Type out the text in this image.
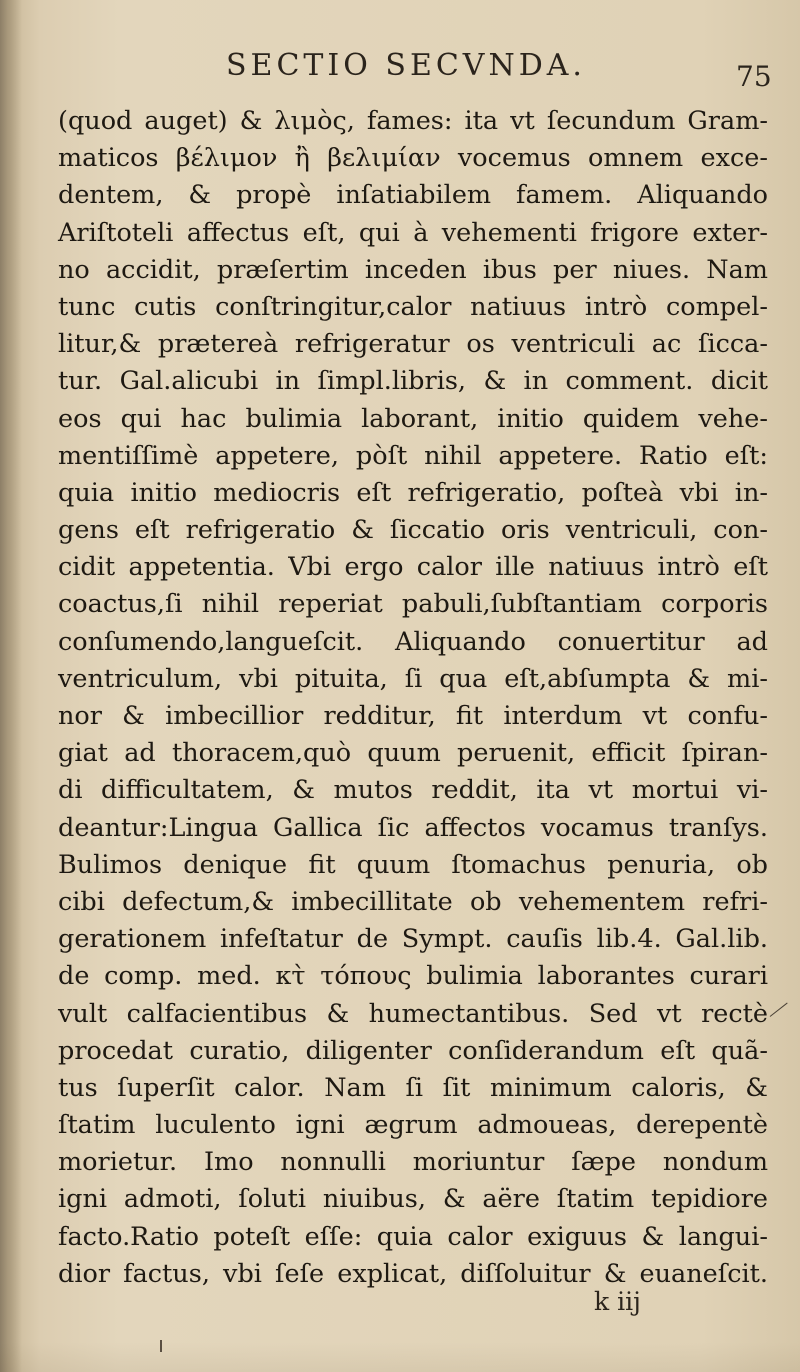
SECTIO SECVNDA.	75
(quod auget) & λιμὸς, fames: ita vt ſecundum Gram-
maticos βέλιμον ἢ βελιμίαν vocemus omnem exce-
dentem, & propè inſatiabilem famem. Aliquando
Ariſtoteli affectus eſt, qui à vehementi frigore exter-
no accidit, præſertim inceden ibus per niues. Nam
tunc cutis conſtringitur,calor natiuus intrò compel-
litur,& prætereà refrigeratur os ventriculi ac ſicca-
tur. Gal.alicubi in ſimpl.libris, & in comment. dicit
eos qui hac bulimia laborant, initio quidem vehe-
mentiſſimè appetere, pòſt nihil appetere. Ratio eſt:
quia initio mediocris eſt refrigeratio, poſteà vbi in-
gens eſt refrigeratio & ſiccatio oris ventriculi, con-
cidit appetentia. Vbi ergo calor ille natiuus intrò eſt
coactus,ſi nihil reperiat pabuli,ſubſtantiam corporis
conſumendo,langueſcit. Aliquando conuertitur ad
ventriculum, vbi pituita, ſi qua eſt,abſumpta & mi-
nor & imbecillior redditur, fit interdum vt confu-
giat ad thoracem,quò quum peruenit, efficit ſpiran-
di difficultatem, & mutos reddit, ita vt mortui vi-
deantur:Lingua Gallica ſic affectos vocamus tranſys.
Bulimos denique fit quum ſtomachus penuria, ob
cibi defectum,& imbecillitate ob vehementem refri-
gerationem infeſtatur de Sympt. cauſis lib.4. Gal.lib.
de comp. med. κτ̀ τόπους bulimia laborantes curari
vult calfacientibus & humectantibus. Sed vt rectè
procedat curatio, diligenter conſiderandum eſt quã-
tus ſuperſit calor. Nam ſi ſit minimum caloris, &
ſtatim luculento igni ægrum admoueas, derepentè
morietur. Imo nonnulli moriuntur ſæpe nondum
igni admoti, ſoluti niuibus, & aëre ſtatim tepidiore
facto.Ratio poteſt eſſe: quia calor exiguus & langui-
dior factus, vbi ſeſe explicat, diſſoluitur & euaneſcit.
k iij
